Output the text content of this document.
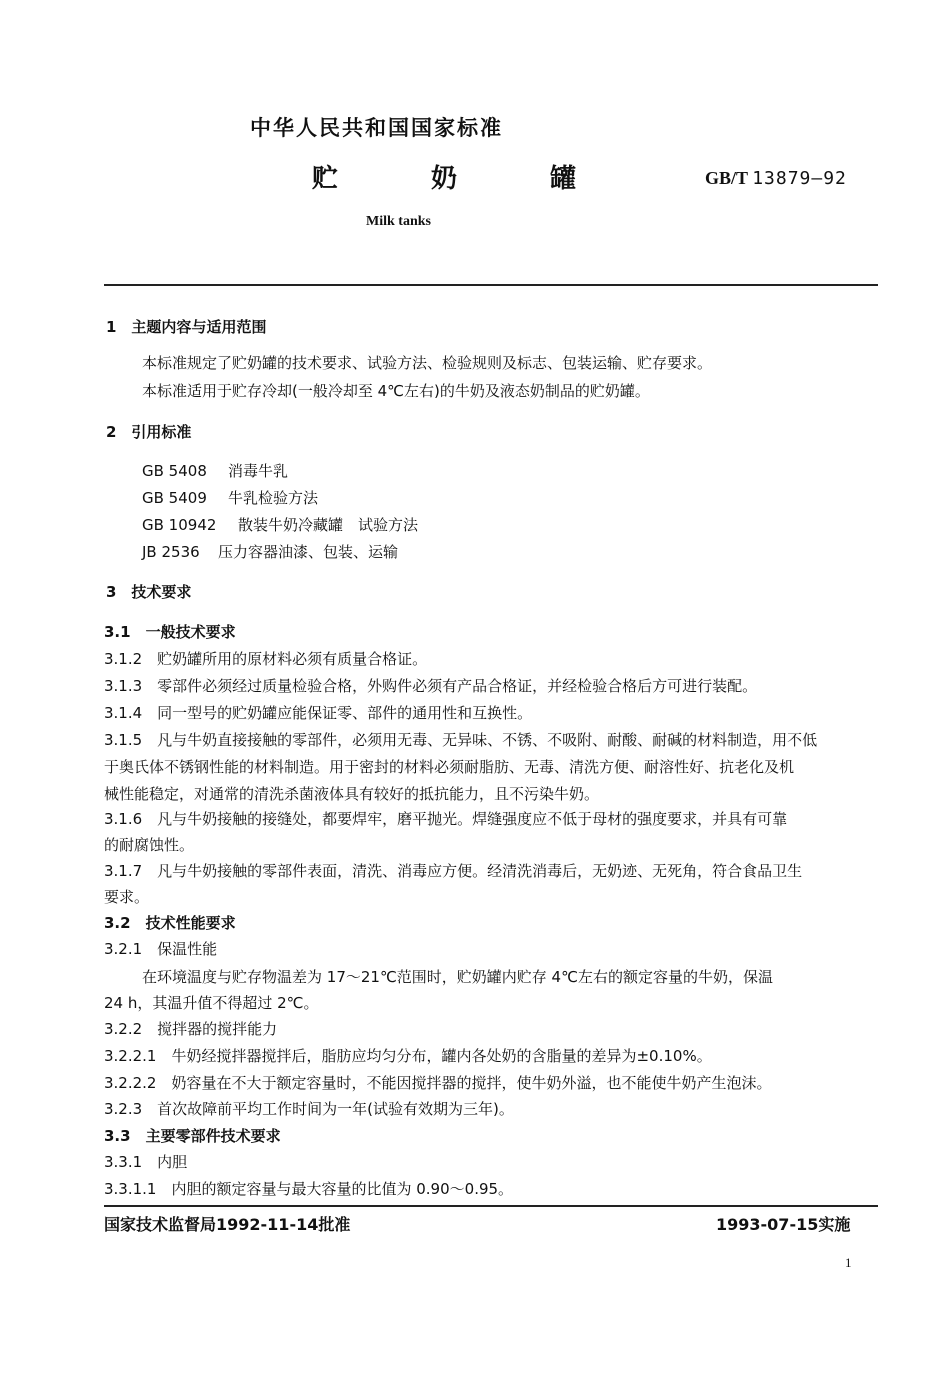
中华人民共和国国家标准
贮 奶 罐	GB/T 13879—92
Milk tanks
1　主题内容与适用范围
本标准规定了贮奶罐的技术要求、试验方法、检验规则及标志、包装运输、贮存要求。
本标准适用于贮存冷却(一般冷却至 4℃左右)的牛奶及液态奶制品的贮奶罐。
2　引用标准
GB 5408 消毒牛乳
GB 5409 牛乳检验方法
GB 10942 散装牛奶冷藏罐　试验方法
JB 2536 压力容器油漆、包装、运输
3　技术要求
3.1　一般技术要求
3.1.2　贮奶罐所用的原材料必须有质量合格证。
3.1.3　零部件必须经过质量检验合格，外购件必须有产品合格证，并经检验合格后方可进行装配。
3.1.4　同一型号的贮奶罐应能保证零、部件的通用性和互换性。
3.1.5　凡与牛奶直接接触的零部件，必须用无毒、无异味、不锈、不吸附、耐酸、耐碱的材料制造，用不低
于奥氏体不锈钢性能的材料制造。用于密封的材料必须耐脂肪、无毒、清洗方便、耐溶性好、抗老化及机
械性能稳定，对通常的清洗杀菌液体具有较好的抵抗能力，且不污染牛奶。
3.1.6　凡与牛奶接触的接缝处，都要焊牢，磨平抛光。焊缝强度应不低于母材的强度要求，并具有可靠
的耐腐蚀性。
3.1.7　凡与牛奶接触的零部件表面，清洗、消毒应方便。经清洗消毒后，无奶迹、无死角，符合食品卫生
要求。
3.2　技术性能要求
3.2.1　保温性能
在环境温度与贮存物温差为 17～21℃范围时，贮奶罐内贮存 4℃左右的额定容量的牛奶，保温
24 h，其温升值不得超过 2℃。
3.2.2　搅拌器的搅拌能力
3.2.2.1　牛奶经搅拌器搅拌后，脂肪应均匀分布，罐内各处奶的含脂量的差异为±0.10%。
3.2.2.2　奶容量在不大于额定容量时，不能因搅拌器的搅拌，使牛奶外溢，也不能使牛奶产生泡沫。
3.2.3　首次故障前平均工作时间为一年(试验有效期为三年)。
3.3　主要零部件技术要求
3.3.1　内胆
3.3.1.1　内胆的额定容量与最大容量的比值为 0.90～0.95。
国家技术监督局1992-11-14批准	1993-07-15实施
1
